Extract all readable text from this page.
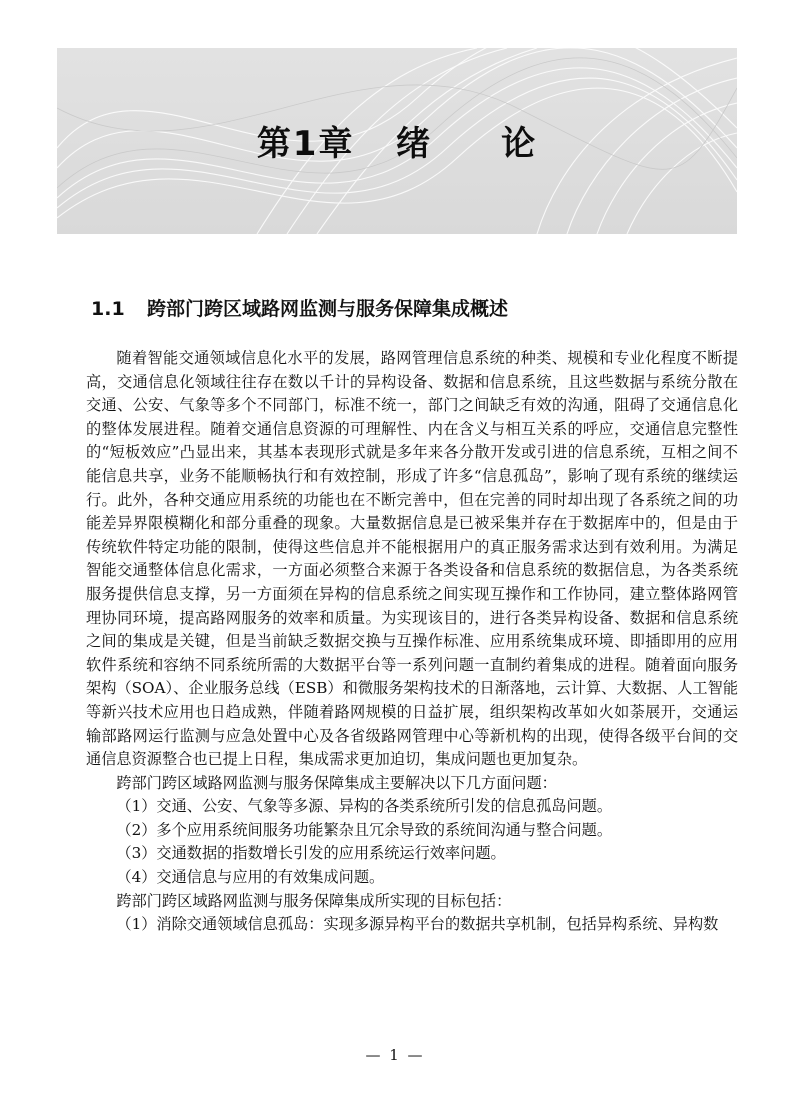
第1章   绪     论
1.1 跨部门跨区域路网监测与服务保障集成概述

随着智能交通领域信息化水平的发展，路网管理信息系统的种类、规模和专业化程度不断提高，交通信息化领域往往存在数以千计的异构设备、数据和信息系统，且这些数据与系统分散在交通、公安、气象等多个不同部门，标准不统一，部门之间缺乏有效的沟通，阻碍了交通信息化的整体发展进程。随着交通信息资源的可理解性、内在含义与相互关系的呼应，交通信息完整性的“短板效应”凸显出来，其基本表现形式就是多年来各分散开发或引进的信息系统，互相之间不能信息共享，业务不能顺畅执行和有效控制，形成了许多“信息孤岛”，影响了现有系统的继续运行。此外，各种交通应用系统的功能也在不断完善中，但在完善的同时却出现了各系统之间的功能差异界限模糊化和部分重叠的现象。大量数据信息是已被采集并存在于数据库中的，但是由于传统软件特定功能的限制，使得这些信息并不能根据用户的真正服务需求达到有效利用。为满足智能交通整体信息化需求，一方面必须整合来源于各类设备和信息系统的数据信息，为各类系统服务提供信息支撑，另一方面须在异构的信息系统之间实现互操作和工作协同，建立整体路网管理协同环境，提高路网服务的效率和质量。为实现该目的，进行各类异构设备、数据和信息系统之间的集成是关键，但是当前缺乏数据交换与互操作标准、应用系统集成环境、即插即用的应用软件系统和容纳不同系统所需的大数据平台等一系列问题一直制约着集成的进程。随着面向服务架构（SOA）、企业服务总线（ESB）和微服务架构技术的日渐落地，云计算、大数据、人工智能等新兴技术应用也日趋成熟，伴随着路网规模的日益扩展，组织架构改革如火如荼展开，交通运输部路网运行监测与应急处置中心及各省级路网管理中心等新机构的出现，使得各级平台间的交通信息资源整合也已提上日程，集成需求更加迫切，集成问题也更加复杂。

跨部门跨区域路网监测与服务保障集成主要解决以下几方面问题：

（1）交通、公安、气象等多源、异构的各类系统所引发的信息孤岛问题。

（2）多个应用系统间服务功能繁杂且冗余导致的系统间沟通与整合问题。

（3）交通数据的指数增长引发的应用系统运行效率问题。

（4）交通信息与应用的有效集成问题。

跨部门跨区域路网监测与服务保障集成所实现的目标包括：

（1）消除交通领域信息孤岛：实现多源异构平台的数据共享机制，包括异构系统、异构数

— 1 —
